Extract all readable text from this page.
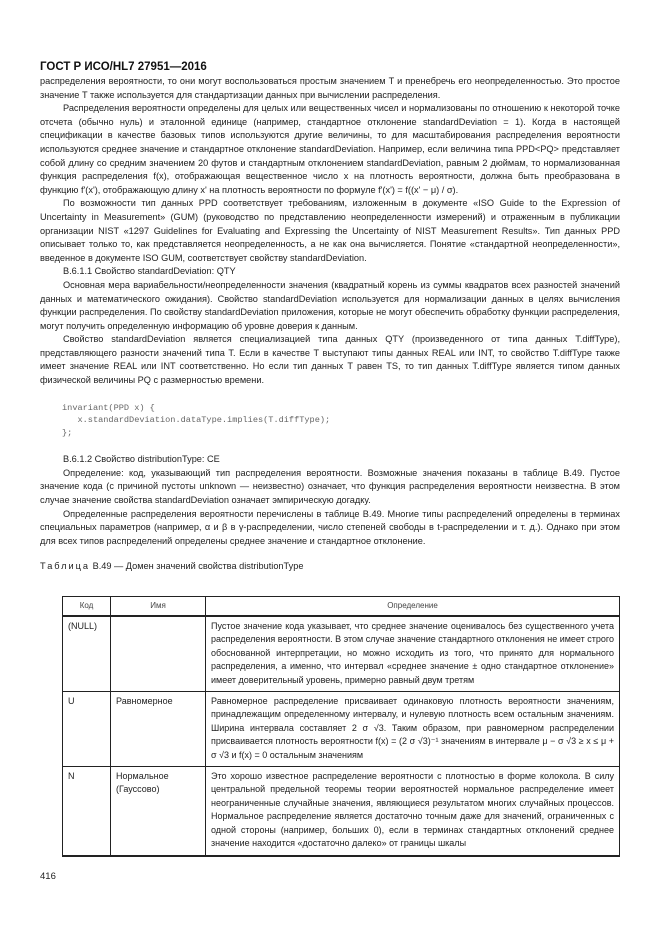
ГОСТ Р ИСО/HL7 27951—2016

распределения вероятности, то они могут воспользоваться простым значением T и пренебречь его неопределенностью. Это простое значение T также используется для стандартизации данных при вычислении распределения.

Распределения вероятности определены для целых или вещественных чисел и нормализованы по отношению к некоторой точке отсчета (обычно нуль) и эталонной единице (например, стандартное отклонение standardDeviation = 1). Когда в настоящей спецификации в качестве базовых типов используются другие величины, то для масштабирования распределения вероятности используются среднее значение и стандартное отклонение standardDeviation. Например, если величина типа PPD<PQ> представляет собой длину со средним значением 20 футов и стандартным отклонением standardDeviation, равным 2 дюймам, то нормализованная функция распределения f(x), отображающая вещественное число x на плотность вероятности, должна быть преобразована в функцию f'(x'), отображающую длину x' на плотность вероятности по формуле f'(x') = f((x' − μ) / σ).

По возможности тип данных PPD соответствует требованиям, изложенным в документе «ISO Guide to the Expression of Uncertainty in Measurement» (GUM) (руководство по представлению неопределенности измерений) и отраженным в публикации организации NIST «1297 Guidelines for Evaluating and Expressing the Uncertainty of NIST Measurement Results». Тип данных PPD описывает только то, как представляется неопределенность, а не как она вычисляется. Понятие «стандартной неопределенности», введенное в документе ISO GUM, соответствует свойству standardDeviation.

B.6.1.1 Свойство standardDeviation: QTY

Основная мера вариабельности/неопределенности значения (квадратный корень из суммы квадратов всех разностей значений данных и математического ожидания). Свойство standardDeviation используется для нормализации данных в целях вычисления функции распределения. По свойству standardDeviation приложения, которые не могут обеспечить обработку функции распределения, могут получить определенную информацию об уровне доверия к данным.

Свойство standardDeviation является специализацией типа данных QTY (произведенного от типа данных T.diffType), представляющего разности значений типа T. Если в качестве T выступают типы данных REAL или INT, то свойство T.diffType также имеет значение REAL или INT соответственно. Но если тип данных T равен TS, то тип данных T.diffType является типом данных физической величины PQ с размерностью времени.

invariant(PPD x) {
x.standardDeviation.dataType.implies(T.diffType);
};

B.6.1.2 Свойство distributionType: CE

Определение: код, указывающий тип распределения вероятности. Возможные значения показаны в таблице B.49. Пустое значение кода (с причиной пустоты unknown — неизвестно) означает, что функция распределения вероятности неизвестна. В этом случае значение свойства standardDeviation означает эмпирическую догадку.

Определенные распределения вероятности перечислены в таблице B.49. Многие типы распределений определены в терминах специальных параметров (например, α и β в γ-распределении, число степеней свободы в t-распределении и т. д.). Однако при этом для всех типов распределений определены среднее значение и стандартное отклонение.

Таблица B.49 — Домен значений свойства distributionType

Код	Имя	Определение
(NULL)		Пустое значение кода указывает, что среднее значение оценивалось без существенного учета распределения вероятности. В этом случае значение стандартного отклонения не имеет строго обоснованной интерпретации, но можно исходить из того, что принято для нормального распределения, а именно, что интервал «среднее значение ± одно стандартное отклонение» имеет доверительный уровень, примерно равный двум третям
U	Равномерное	Равномерное распределение присваивает одинаковую плотность вероятности значениям, принадлежащим определенному интервалу, и нулевую плотность всем остальным значениям. Ширина интервала составляет 2 σ √3. Таким образом, при равномерном распределении присваивается плотность вероятности f(x) = (2 σ √3)⁻¹ значениям в интервале μ − σ √3 ≥ x ≤ μ + σ √3 и f(x) = 0 остальным значениям
N	Нормальное (Гауссово)	Это хорошо известное распределение вероятности с плотностью в форме колокола. В силу центральной предельной теоремы теории вероятностей нормальное распределение имеет неограниченные случайные значения, являющиеся результатом многих случайных процессов. Нормальное распределение является достаточно точным даже для значений, ограниченных с одной стороны (например, больших 0), если в терминах стандартных отклонений среднее значение находится «достаточно далеко» от границы шкалы
416
